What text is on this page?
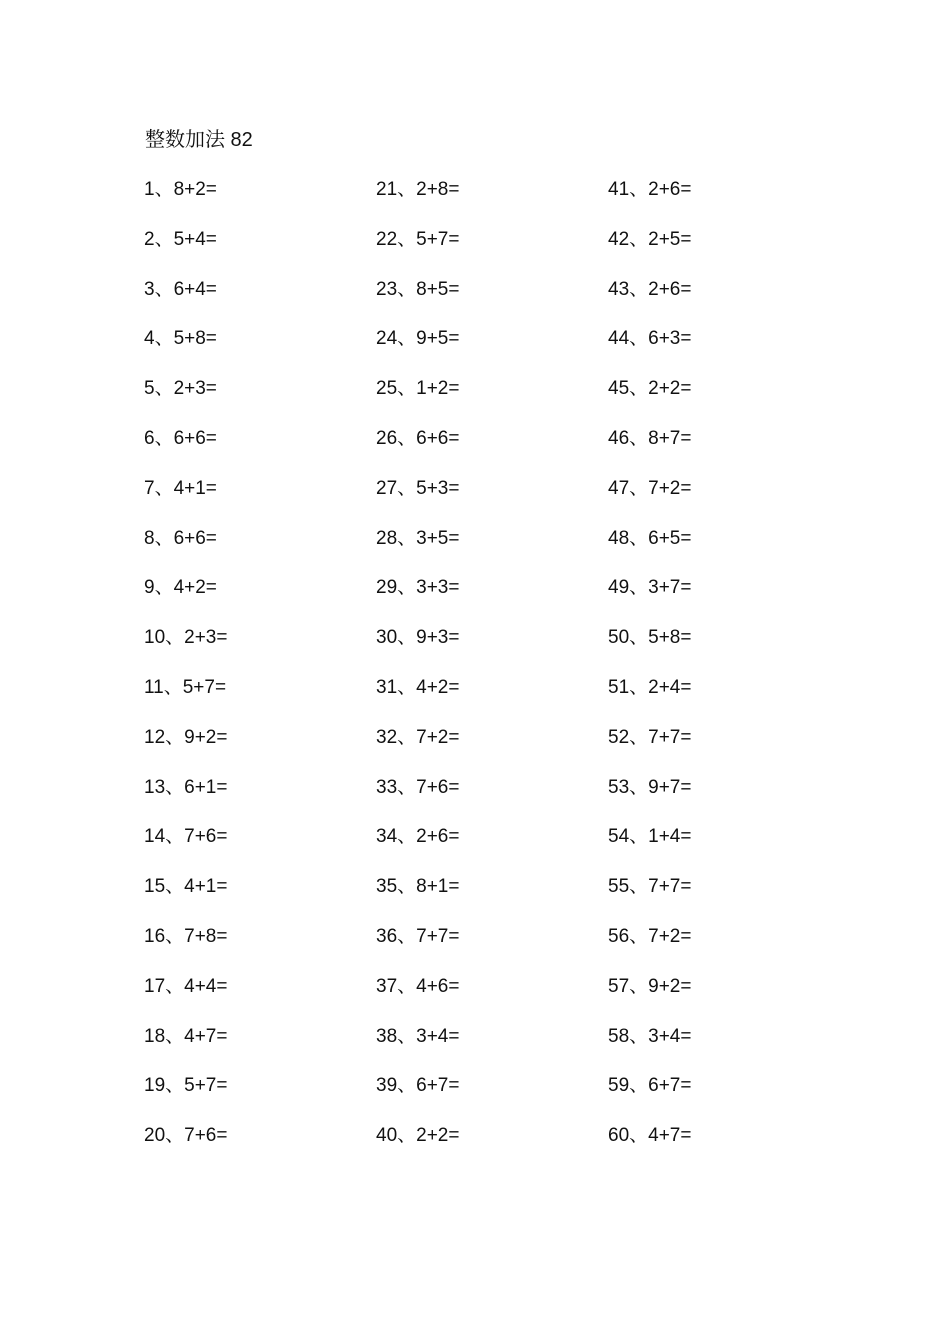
整数加法 82
1、8+2=	21、2+8=	41、2+6=
2、5+4=	22、5+7=	42、2+5=
3、6+4=	23、8+5=	43、2+6=
4、5+8=	24、9+5=	44、6+3=
5、2+3=	25、1+2=	45、2+2=
6、6+6=	26、6+6=	46、8+7=
7、4+1=	27、5+3=	47、7+2=
8、6+6=	28、3+5=	48、6+5=
9、4+2=	29、3+3=	49、3+7=
10、2+3=	30、9+3=	50、5+8=
11、5+7=	31、4+2=	51、2+4=
12、9+2=	32、7+2=	52、7+7=
13、6+1=	33、7+6=	53、9+7=
14、7+6=	34、2+6=	54、1+4=
15、4+1=	35、8+1=	55、7+7=
16、7+8=	36、7+7=	56、7+2=
17、4+4=	37、4+6=	57、9+2=
18、4+7=	38、3+4=	58、3+4=
19、5+7=	39、6+7=	59、6+7=
20、7+6=	40、2+2=	60、4+7=
